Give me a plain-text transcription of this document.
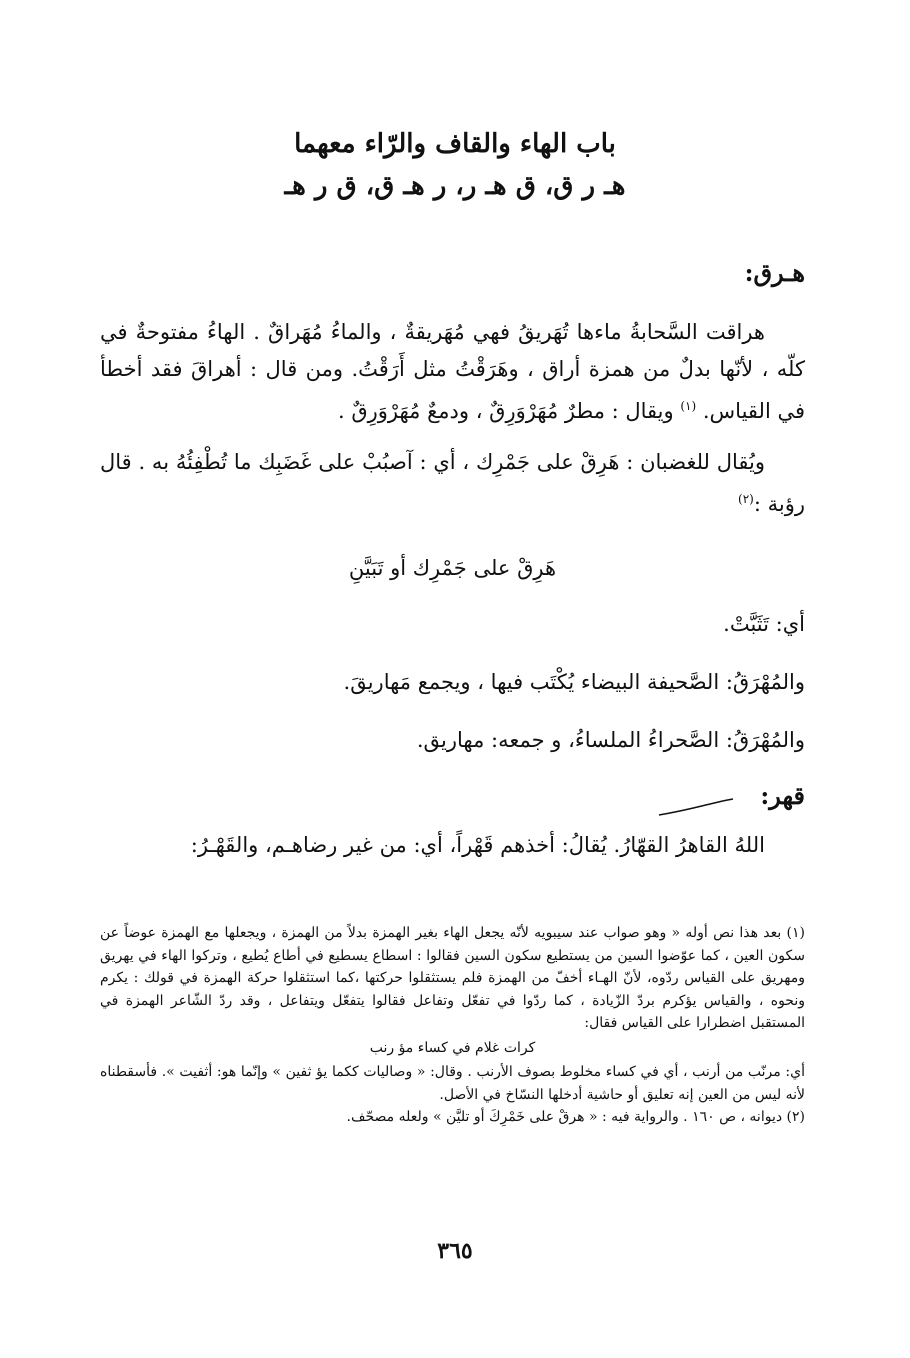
باب الهاء والقاف والرّاء معهما
هـ ر ق، ق هـ ر، ر هـ ق، ق ر هـ
هـرق:

هراقت السَّحابةُ ماءها تُهَريقُ فهي مُهَريقةٌ ، والماءُ مُهَراقٌ . الهاءُ مفتوحةٌ في كلّه ، لأنّها بدلٌ من همزة أراق ، وهَرَقْتُ مثل أَرَقْتُ. ومن قال : أهراقَ فقد أخطأ في القياس. $^{(١)}$ ويقال : مطرٌ مُهَرْوَرِقٌ ، ودمعٌ مُهَرْوَرِقٌ .

ويُقال للغضبان : هَرِقْ على جَمْرِك ، أي : آصبُبْ على غَضَبِك ما تُطْفِئُهُ به . قال رؤبة :$^{(٢)}$

هَرِقْ على جَمْرِك أو تَبَيَّنِ
أي: تَثَبَّتْ.
والمُهْرَقُ: الصَّحيفة البيضاء يُكْتَب فيها ، ويجمع مَهاريقَ.
والمُهْرَقُ: الصَّحراءُ الملساءُ، و جمعه: مهاريق.
قهر:

اللهُ القاهرُ القهّارُ. يُقالُ: أخذهم قَهْراً، أي: من غير رضاهـم، والقَهْـرُ:

(١) بعد هذا نص أوله « وهو صواب عند سيبويه لأنّه يجعل الهاء بغير الهمزة بدلاً من الهمزة ، ويجعلها مع الهمزة عوضاً عن سكون العين ، كما عوّضوا السين من يستطيع سكون السين فقالوا : اسطاع يسطيع في أطاع يُطيع ، وتركوا الهاء في يهريق ومهريق على القياس ردّوه، لأنّ الهـاء أخفّ من الهمزة فلم يستثقلوا حركتها ،كما استثقلوا حركة الهمزة في قولك : يكرم ونحوه ، والقياس يؤكرم بردّ الزّيادة ، كما ردّوا في تفعّل وتفاعل فقالوا يتفعّل ويتفاعل ، وقد ردّ الشّاعر الهمزة في المستقبل اضطرارا على القياس فقال:

كرات غلام في كساء مؤ رنب

أي: مرنّب من أرنب ، أي في كساء مخلوط بصوف الأرنب . وقال: « وصاليات ككما يؤ ثفين » وإنّما هو: أثفيت ». فأسقطناه لأنه ليس من العين إنه تعليق أو حاشية أدخلها النسّاخ في الأصل.

(٢) ديوانه ، ص ١٦٠ . والرواية فيه : « هرقْ على خَمْرِكَ أو تليَّن » ولعله مصحّف.

٣٦٥
